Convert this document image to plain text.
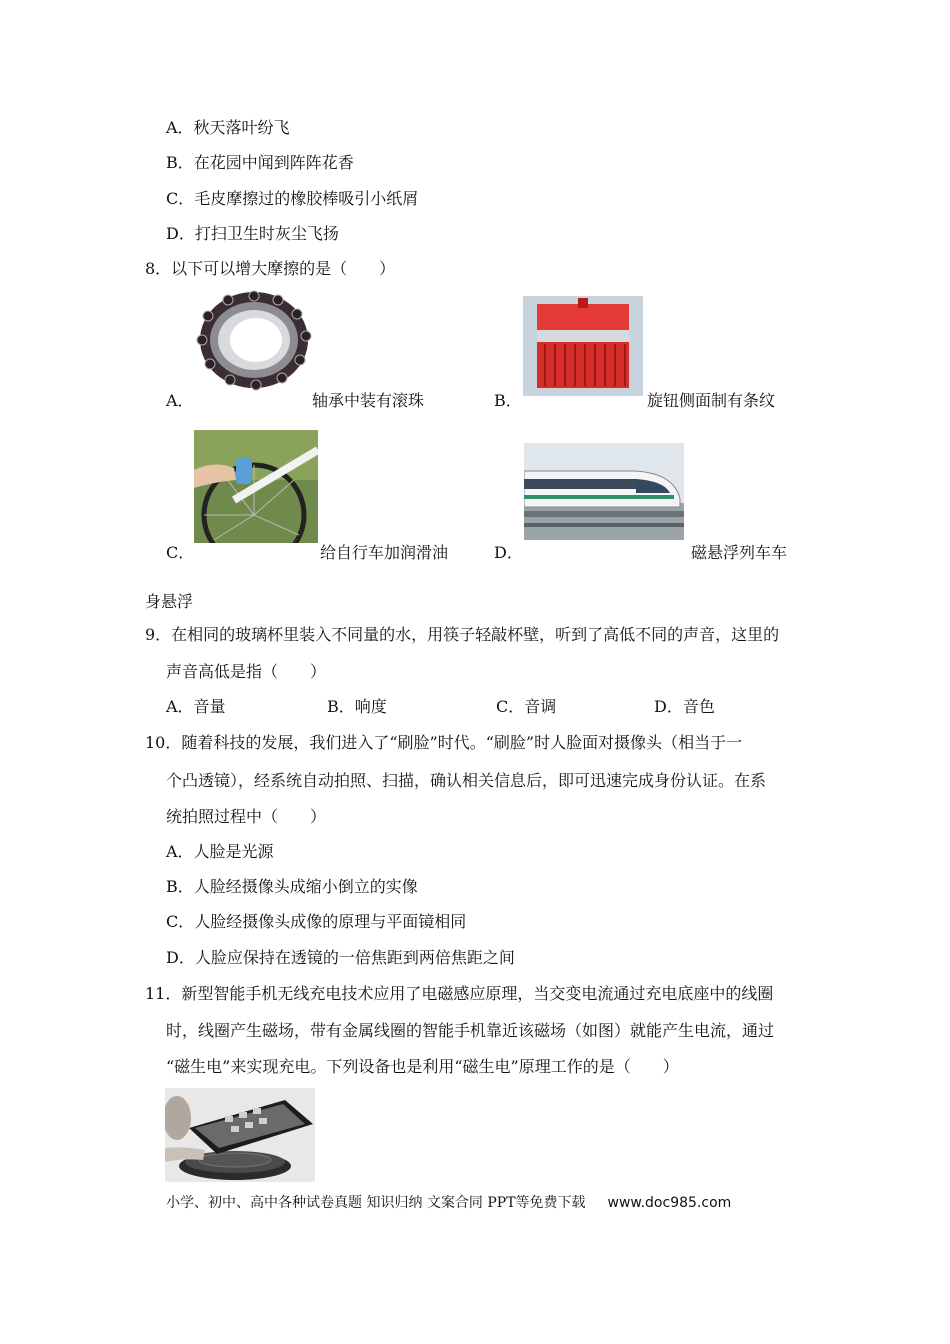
A．秋天落叶纷飞
B．在花园中闻到阵阵花香
C．毛皮摩擦过的橡胶棒吸引小纸屑
D．打扫卫生时灰尘飞扬
8．以下可以增大摩擦的是（　　）
A．	轴承中装有滚珠	B．	旋钮侧面制有条纹
C．	给自行车加润滑油	D．	磁悬浮列车车
身悬浮
9．在相同的玻璃杯里装入不同量的水，用筷子轻敲杯壁，听到了高低不同的声音，这里的
声音高低是指（　　）
A．音量	B．响度	C．音调	D．音色
10．随着科技的发展，我们进入了“刷脸”时代。“刷脸”时人脸面对摄像头（相当于一
个凸透镜），经系统自动拍照、扫描，确认相关信息后，即可迅速完成身份认证。在系
统拍照过程中（　　）
A．人脸是光源
B．人脸经摄像头成缩小倒立的实像
C．人脸经摄像头成像的原理与平面镜相同
D．人脸应保持在透镜的一倍焦距到两倍焦距之间
11．新型智能手机无线充电技术应用了电磁感应原理，当交变电流通过充电底座中的线圈
时，线圈产生磁场，带有金属线圈的智能手机靠近该磁场（如图）就能产生电流，通过
“磁生电”来实现充电。下列设备也是利用“磁生电”原理工作的是（　　）
小学、初中、高中各种试卷真题 知识归纳 文案合同 PPT等免费下载 www.doc985.com
